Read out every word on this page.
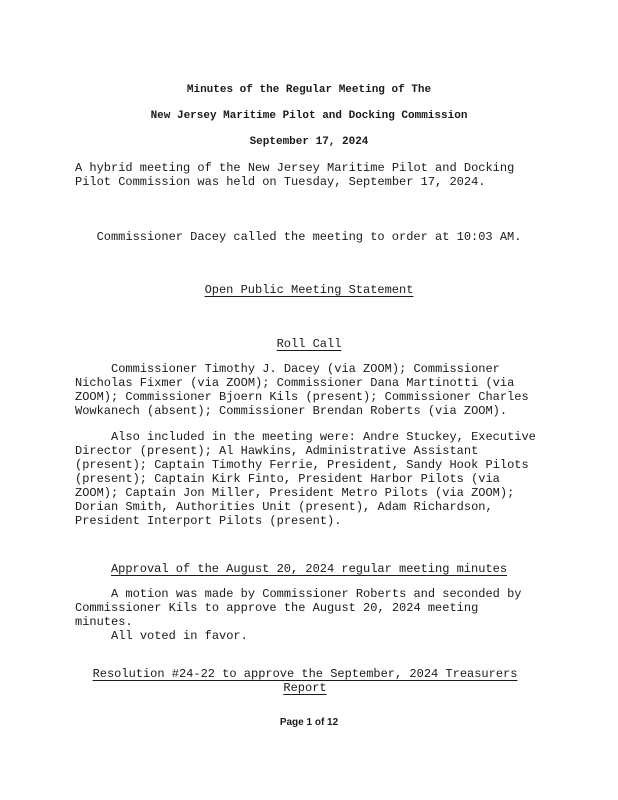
Minutes of the Regular Meeting of The
New Jersey Maritime Pilot and Docking Commission
September 17, 2024
A hybrid meeting of the New Jersey Maritime Pilot and Docking
Pilot Commission was held on Tuesday, September 17, 2024.
Commissioner Dacey called the meeting to order at 10:03 AM.
Open Public Meeting Statement
Roll Call
Commissioner Timothy J. Dacey (via ZOOM); Commissioner
Nicholas Fixmer (via ZOOM); Commissioner Dana Martinotti (via
ZOOM); Commissioner Bjoern Kils (present); Commissioner Charles
Wowkanech (absent); Commissioner Brendan Roberts (via ZOOM).
Also included in the meeting were: Andre Stuckey, Executive
Director (present); Al Hawkins, Administrative Assistant
(present); Captain Timothy Ferrie, President, Sandy Hook Pilots
(present); Captain Kirk Finto, President Harbor Pilots (via
ZOOM); Captain Jon Miller, President Metro Pilots (via ZOOM);
Dorian Smith, Authorities Unit (present), Adam Richardson,
President Interport Pilots (present).
Approval of the August 20, 2024 regular meeting minutes
A motion was made by Commissioner Roberts and seconded by
Commissioner Kils to approve the August 20, 2024 meeting
minutes.
All voted in favor.
Resolution #24-22 to approve the September, 2024 Treasurers
Report
Page 1 of 12
